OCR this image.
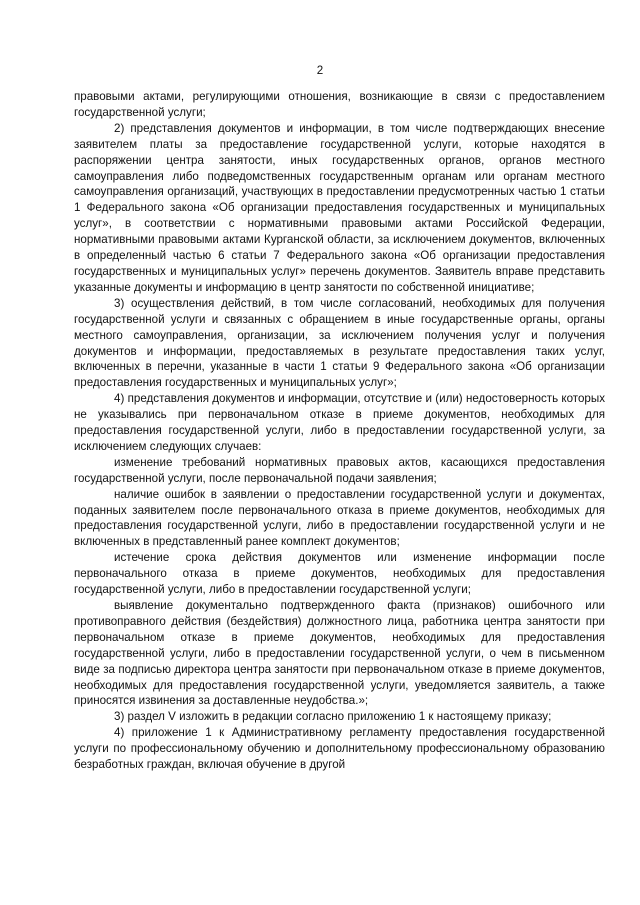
2

правовыми актами, регулирующими отношения, возникающие в связи с предоставлением государственной услуги;

2) представления документов и информации, в том числе подтверждающих внесение заявителем платы за предоставление государственной услуги, которые находятся в распоряжении центра занятости, иных государственных органов, органов местного самоуправления либо подведомственных государственным органам или органам местного самоуправления организаций, участвующих в предоставлении предусмотренных частью 1 статьи 1 Федерального закона «Об организации предоставления государственных и муниципальных услуг», в соответствии с нормативными правовыми актами Российской Федерации, нормативными правовыми актами Курганской области, за исключением документов, включенных в определенный частью 6 статьи 7 Федерального закона «Об организации предоставления государственных и муниципальных услуг» перечень документов. Заявитель вправе представить указанные документы и информацию в центр занятости по собственной инициативе;

3) осуществления действий, в том числе согласований, необходимых для получения государственной услуги и связанных с обращением в иные государственные органы, органы местного самоуправления, организации, за исключением получения услуг и получения документов и информации, предоставляемых в результате предоставления таких услуг, включенных в перечни, указанные в части 1 статьи 9 Федерального закона «Об организации предоставления государственных и муниципальных услуг»;

4) представления документов и информации, отсутствие и (или) недостоверность которых не указывались при первоначальном отказе в приеме документов, необходимых для предоставления государственной услуги, либо в предоставлении государственной услуги, за исключением следующих случаев:

изменение требований нормативных правовых актов, касающихся предоставления государственной услуги, после первоначальной подачи заявления;

наличие ошибок в заявлении о предоставлении государственной услуги и документах, поданных заявителем после первоначального отказа в приеме документов, необходимых для предоставления государственной услуги, либо в предоставлении государственной услуги и не включенных в представленный ранее комплект документов;

истечение срока действия документов или изменение информации после первоначального отказа в приеме документов, необходимых для предоставления государственной услуги, либо в предоставлении государственной услуги;

выявление документально подтвержденного факта (признаков) ошибочного или противоправного действия (бездействия) должностного лица, работника центра занятости при первоначальном отказе в приеме документов, необходимых для предоставления государственной услуги, либо в предоставлении государственной услуги, о чем в письменном виде за подписью директора центра занятости при первоначальном отказе в приеме документов, необходимых для предоставления государственной услуги, уведомляется заявитель, а также приносятся извинения за доставленные неудобства.»;

3) раздел V изложить в редакции согласно приложению 1 к настоящему приказу;

4) приложение 1 к Административному регламенту предоставления государственной услуги по профессиональному обучению и дополнительному профессиональному образованию безработных граждан, включая обучение в другой
